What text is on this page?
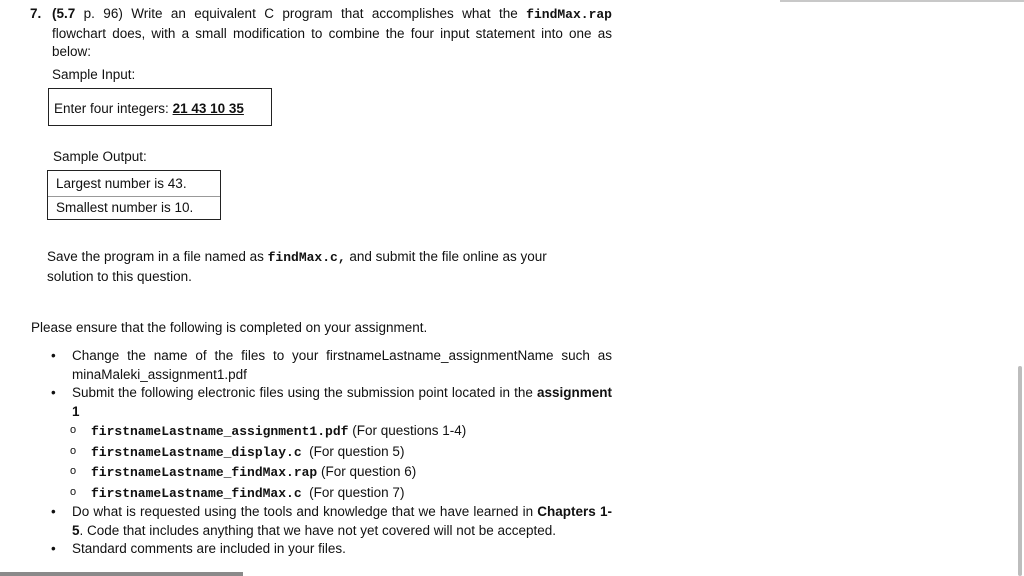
7. (5.7 p. 96) Write an equivalent C program that accomplishes what the findMax.rap flowchart does, with a small modification to combine the four input statement into one as below:
Sample Input:
Enter four integers: 21 43 10 35
Sample Output:
Largest number is 43.
Smallest number is 10.
Save the program in a file named as findMax.c, and submit the file online as your solution to this question.
Please ensure that the following is completed on your assignment.
• Change the name of the files to your firstnameLastname_assignmentName such as minaMaleki_assignment1.pdf
• Submit the following electronic files using the submission point located in the assignment 1
o firstnameLastname_assignment1.pdf (For questions 1-4)
o firstnameLastname_display.c  (For question 5)
o firstnameLastname_findMax.rap (For question 6)
o firstnameLastname_findMax.c  (For question 7)
• Do what is requested using the tools and knowledge that we have learned in Chapters 1-5. Code that includes anything that we have not yet covered will not be accepted.
• Standard comments are included in your files.
